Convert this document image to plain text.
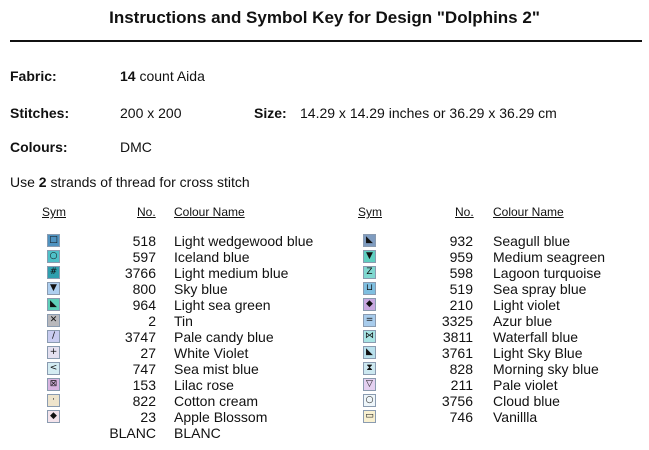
Instructions and Symbol Key for Design "Dolphins 2"
Fabric:	14 count Aida
Stitches:	200 x 200	Size: 14.29 x 14.29 inches or 36.29 x 36.29 cm
Colours:	DMC
Use 2 strands of thread for cross stitch
Sym	No. Colour Name	Sym	No. Colour Name
□	518 Light wedgewood blue
○	597 Iceland blue
#	3766 Light medium blue
▼	800 Sky blue
◣	964 Light sea green
✕	2 Tin
/	3747 Pale candy blue
+	27 White Violet
<	747 Sea mist blue
⊠	153 Lilac rose
·	822 Cotton cream
◆	23 Apple Blossom
BLANC BLANC
◣	932 Seagull blue
▼	959 Medium seagreen
Z	598 Lagoon turquoise
⊔	519 Sea spray blue
◆	210 Light violet
=	3325 Azur blue
⋈	3811 Waterfall blue
◣	3761 Light Sky Blue
⧗	828 Morning sky blue
▽	211 Pale violet
○	3756 Cloud blue
▭	746 Vanillla
